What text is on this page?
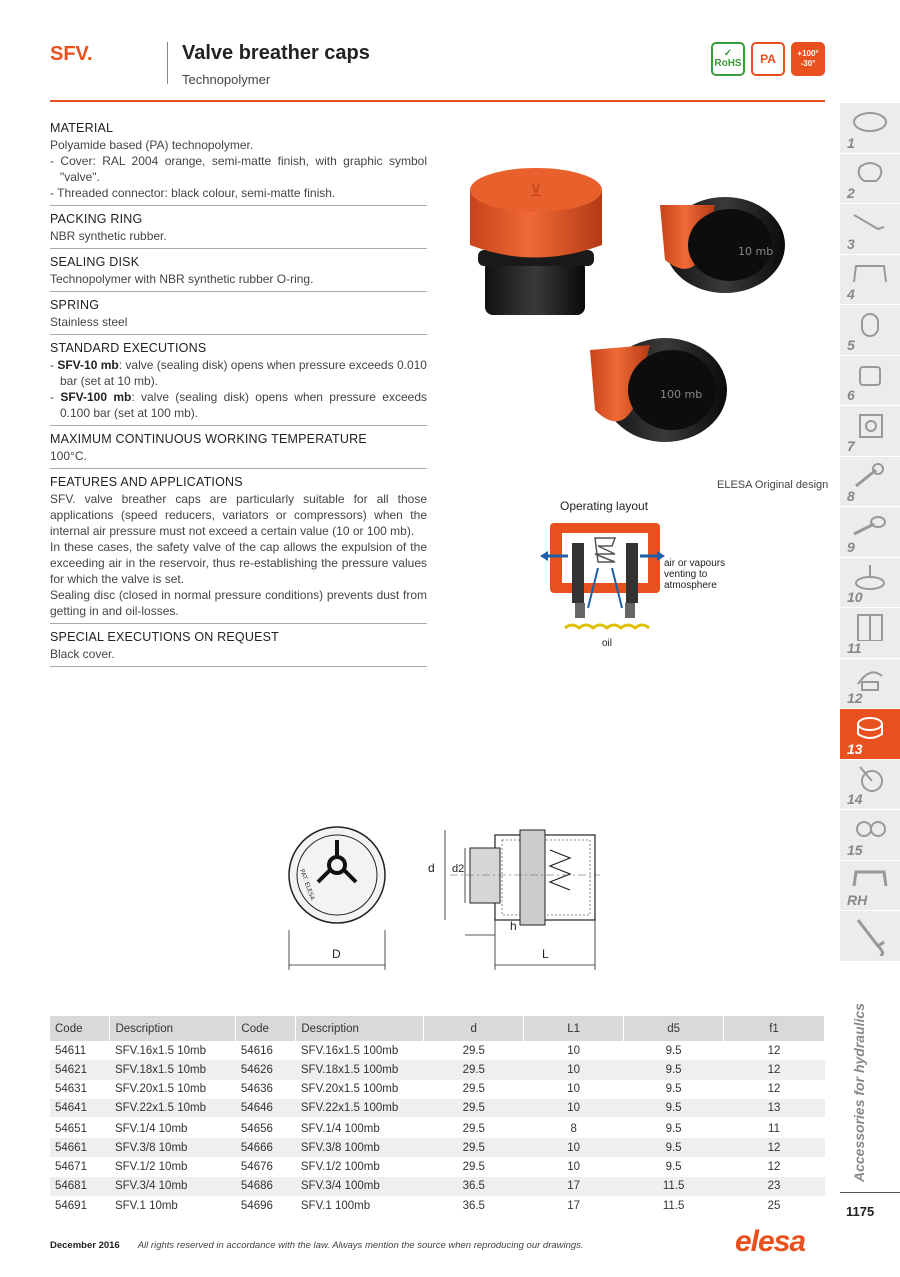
SFV.	Valve breather caps
Technopolymer
✓
RoHS	PA	+100°
-30°
MATERIAL

Polyamide based (PA) technopolymer.

- Cover: RAL 2004 orange, semi-matte finish, with graphic symbol "valve".

- Threaded connector: black colour, semi-matte finish.

PACKING RING

NBR synthetic rubber.

SEALING DISK

Technopolymer with NBR synthetic rubber O-ring.

SPRING

Stainless steel

STANDARD EXECUTIONS

- SFV-10 mb: valve (sealing disk) opens when pressure exceeds 0.010 bar (set at 10 mb).

- SFV-100 mb: valve (sealing disk) opens when pressure exceeds 0.100 bar (set at 100 mb).

MAXIMUM CONTINUOUS WORKING TEMPERATURE

100°C.

FEATURES AND APPLICATIONS

SFV. valve breather caps are particularly suitable for all those applications (speed reducers, variators or compressors) when the internal air pressure must not exceed a certain value (10 or 100 mb).

In these cases, the safety valve of the cap allows the expulsion of the exceeding air in the reservoir, thus re-establishing the pressure values for which the valve is set.

Sealing disc (closed in normal pressure conditions) prevents dust from getting in and oil-losses.

SPECIAL EXECUTIONS ON REQUEST

Black cover.

⊻
10 mb
100 mb
ELESA Original design
Operating layout
air or vapours
venting to
atmosphere
oil
PAT. ELESA
D
d d2
h
L
1
2
3
4
5
6
7
8
9
10
11
12
13
14
15
RH
Accessories for hydraulics
1175
Code	Description	Code	Description	d	L1	d5	f1
54611	SFV.16x1.5 10mb	54616	SFV.16x1.5 100mb	29.5	10	9.5	12
54621	SFV.18x1.5 10mb	54626	SFV.18x1.5 100mb	29.5	10	9.5	12
54631	SFV.20x1.5 10mb	54636	SFV.20x1.5 100mb	29.5	10	9.5	12
54641	SFV.22x1.5 10mb	54646	SFV.22x1.5 100mb	29.5	10	9.5	13
54651	SFV.1/4 10mb	54656	SFV.1/4 100mb	29.5	8	9.5	11
54661	SFV.3/8 10mb	54666	SFV.3/8 100mb	29.5	10	9.5	12
54671	SFV.1/2 10mb	54676	SFV.1/2 100mb	29.5	10	9.5	12
54681	SFV.3/4 10mb	54686	SFV.3/4 100mb	36.5	17	11.5	23
54691	SFV.1 10mb	54696	SFV.1 100mb	36.5	17	11.5	25
December 2016 All rights reserved in accordance with the law. Always mention the source when reproducing our drawings.	elesa
